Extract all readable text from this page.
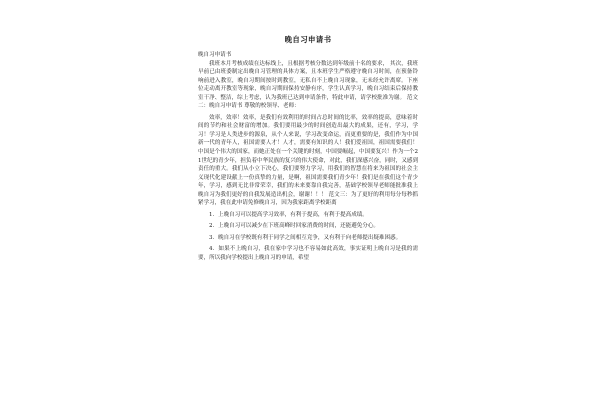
晚自习申请书

晚自习申请书

我班本月考核成绩在达标线上，且根据考核分数达到年级前十名的要求， 其次，我班早前已由班委制定出晚自习管理的具体方案，且本班学生严格遵守晚自习时间，在预备铃响前进入教室，晚自习期间按时到教室，无私自不上晚自习现象，无未经允许离席。下座位走动离开教室等现象，晚自习期间保持安静有序，学生认真学习，晚自习结束后保持教室干净、整洁，综上考虑，认为我班已达到申请条件，特此申请，请学校批准为谢。 范文二：晚自习申请书 尊敬的校领导、老师：

效率，效率！效率，是我们有效利用的时间占总时间的比率，效率的提高，意味着时间的节约和社会财富的增加。我们要用最少的时间创造出最大的成果，还有，学习，学习！学习是人类进步的源泉，从个人来说，学习改变命运，而更重要的是，我们作为中国新一代的青年人，祖国需要人才！人才，需要有知识的人！我们爱祖国，祖国需要我们！中国是个伟大的国家，而她正处在一个关键的时刻，中国要崛起，中国要复兴！作为一个21世纪的青少年，担负着中华民族的复兴的伟大使命，对此，我们深感兴奋，同时，又感到责任的重大。我们从小立下决心，我们要努力学习，用我们的智慧在将来为祖国的社会主义现代化建设献上一份真挚的力量，是啊，祖国需要我们青少年！我们是在我们这个青少年，学习，感到无比非常荣幸，我们的未来要靠自我完善，基础学校领导老师能批准我上晚自习为我们更好的自我发展造出机会，谢谢！！！ 范文三：为了更好的利用每分每秒抓紧学习，我在此申请免修晚自习，因为我家距离学校距离

1．上晚自习可以提高学习效率，有利于提高，有利于提高成绩。

2．上晚自习可以减少在下班高峰时回家消费的时间，还能避免分心。

3．晚自习在学校既有利于同学之间相互竞争，又有利于向老师提出疑难困惑。

4．如果不上晚自习，我在家中学习也不容易如此高效，事实证明上晚自习是我的需要，所以我向学校提出上晚自习的申请，希望
